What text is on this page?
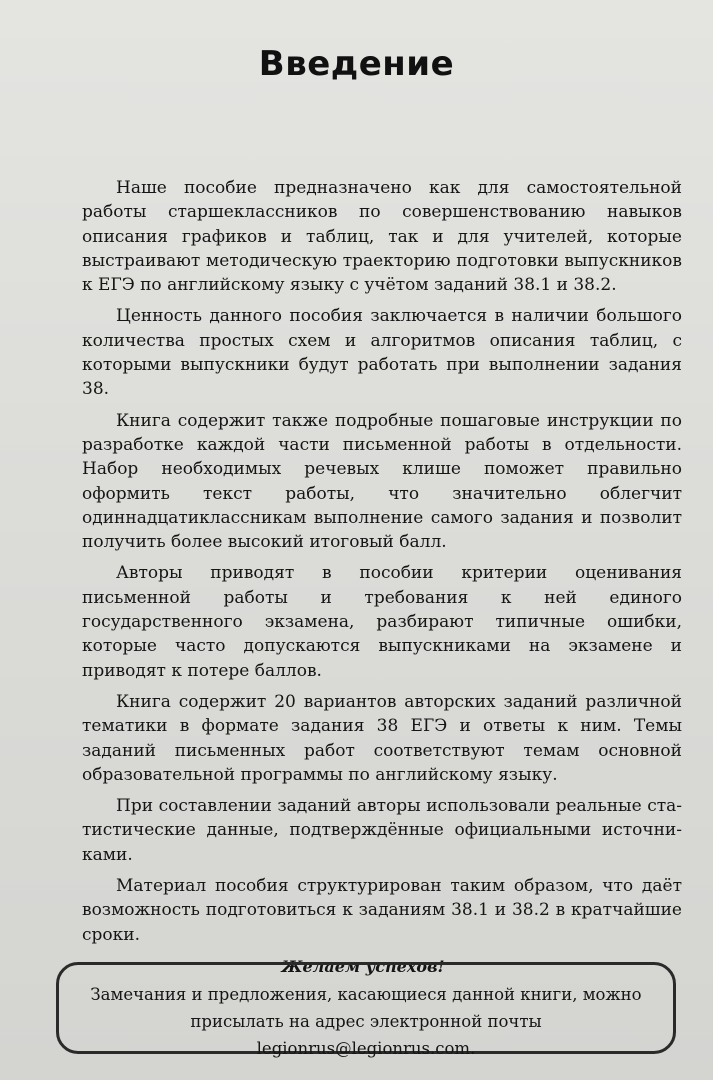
Введение

Наше пособие предназначено как для самостоятельной работы старшеклассников по совершенствованию навыков описания графиков и таблиц, так и для учителей, которые выстраивают методическую траекторию подготовки выпускников к ЕГЭ по английскому языку с учётом заданий 38.1 и 38.2.

Ценность данного пособия заключается в наличии большого количества простых схем и алгоритмов описания таблиц, с которыми выпускники будут работать при выполнении задания 38.

Книга содержит также подробные пошаговые инструкции по разработке каждой части письменной работы в отдельности. Набор необходимых речевых клише поможет правильно оформить текст работы, что значительно облегчит одиннадцатиклассникам выполнение самого задания и позволит получить более высокий итоговый балл.

Авторы приводят в пособии критерии оценивания письменной работы и требования к ней единого государственного экзамена, разбирают типичные ошибки, которые часто допускаются выпускниками на экзамене и приводят к потере баллов.

Книга содержит 20 вариантов авторских заданий различной тематики в формате задания 38 ЕГЭ и ответы к ним. Темы заданий письменных работ соответствуют темам основной образовательной программы по английскому языку.

При составлении заданий авторы использовали реальные статистические данные, подтверждённые официальными источниками.

Материал пособия структурирован таким образом, что даёт возможность подготовиться к заданиям 38.1 и 38.2 в кратчайшие сроки.

Желаем успехов!

Замечания и предложения, касающиеся данной книги, можно
присылать на адрес электронной почты legionrus@legionrus.com.
